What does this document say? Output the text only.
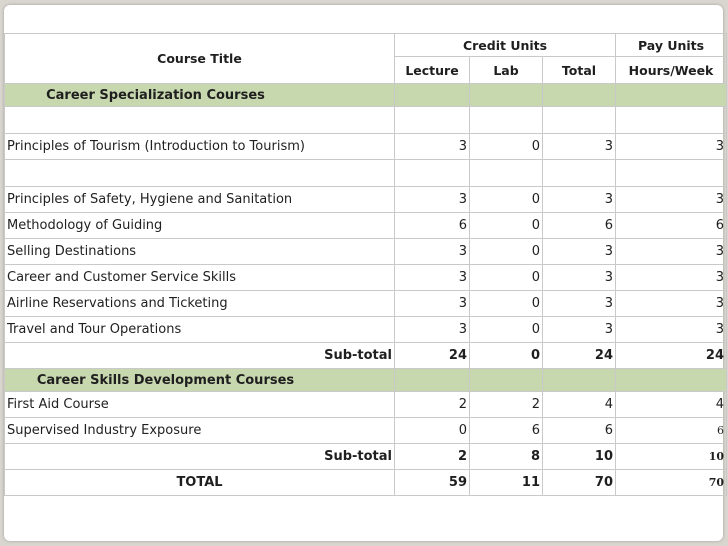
Course Title	Credit Units			Pay Units
	Lecture	Lab	Total	Hours/Week
Career Specialization Courses				

Principles of Tourism (Introduction to Tourism)	3	0	3	3

Principles of Safety, Hygiene and Sanitation	3	0	3	3
Methodology of Guiding	6	0	6	6
Selling Destinations	3	0	3	3
Career and Customer Service Skills	3	0	3	3
Airline Reservations and Ticketing	3	0	3	3
Travel and Tour Operations	3	0	3	3
Sub-total	24	0	24	24
Career Skills Development Courses				
First Aid Course	2	2	4	4
Supervised Industry Exposure	0	6	6	6
Sub-total	2	8	10	10
TOTAL	59	11	70	70
